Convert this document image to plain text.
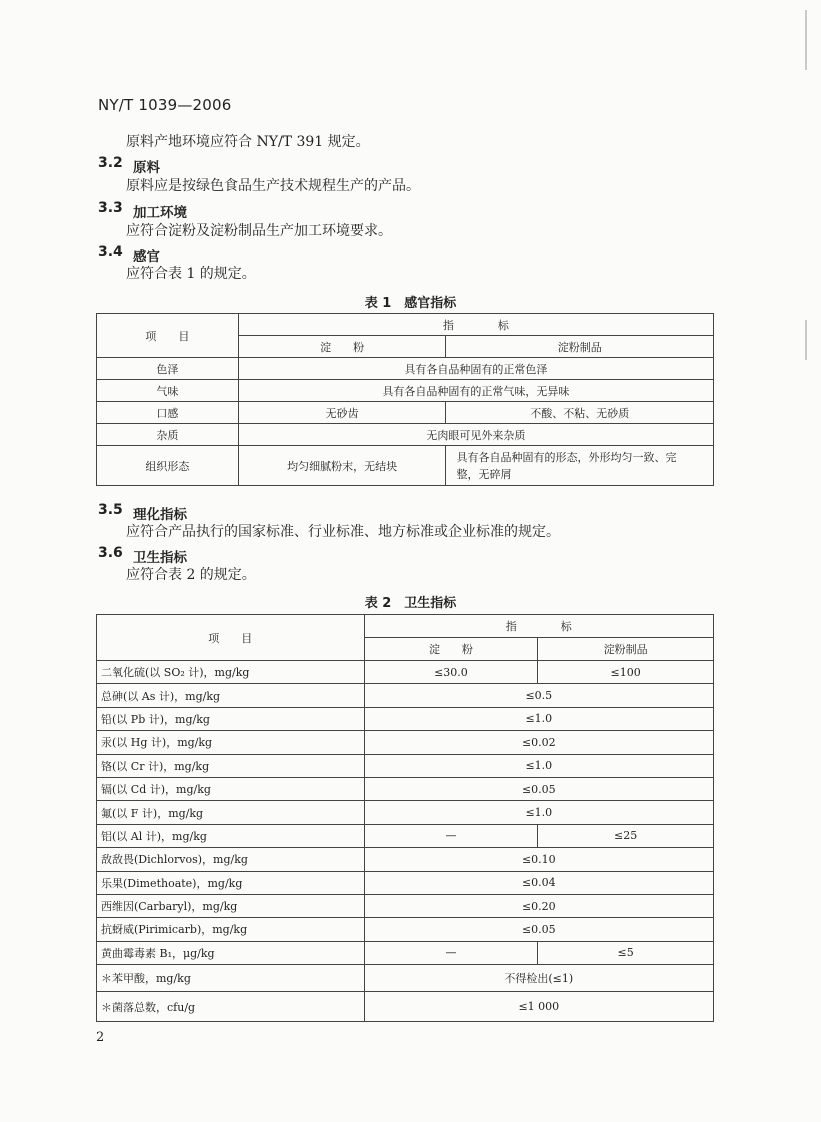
NY/T 1039—2006
原料产地环境应符合 NY/T 391 规定。
3.2 原料
原料应是按绿色食品生产技术规程生产的产品。
3.3 加工环境
应符合淀粉及淀粉制品生产加工环境要求。
3.4 感官
应符合表 1 的规定。
表 1　感官指标
项　　目	指　　　　标	
	淀　　粉	淀粉制品
色泽	具有各自品种固有的正常色泽	
气味	具有各自品种固有的正常气味，无异味	
口感	无砂齿	不酸、不粘、无砂质
杂质	无肉眼可见外来杂质	
组织形态	均匀细腻粉末，无结块	具有各自品种固有的形态，外形均匀一致、完
整，无碎屑
3.5 理化指标
应符合产品执行的国家标准、行业标准、地方标准或企业标准的规定。
3.6 卫生指标
应符合表 2 的规定。
表 2　卫生指标
项　　目	指　　　　标	
	淀　　粉	淀粉制品
二氧化硫(以 SO₂ 计)，mg/kg	≤30.0	≤100
总砷(以 As 计)，mg/kg	≤0.5	
铅(以 Pb 计)，mg/kg	≤1.0	
汞(以 Hg 计)，mg/kg	≤0.02	
铬(以 Cr 计)，mg/kg	≤1.0	
镉(以 Cd 计)，mg/kg	≤0.05	
氟(以 F 计)，mg/kg	≤1.0	
铝(以 Al 计)，mg/kg	—	≤25
敌敌畏(Dichlorvos)，mg/kg	≤0.10	
乐果(Dimethoate)，mg/kg	≤0.04	
西维因(Carbaryl)，mg/kg	≤0.20	
抗蚜威(Pirimicarb)，mg/kg	≤0.05	
黄曲霉毒素 B₁，μg/kg	—	≤5
＊苯甲酸，mg/kg	不得检出(≤1)	
＊菌落总数，cfu/g	≤1 000	
2
